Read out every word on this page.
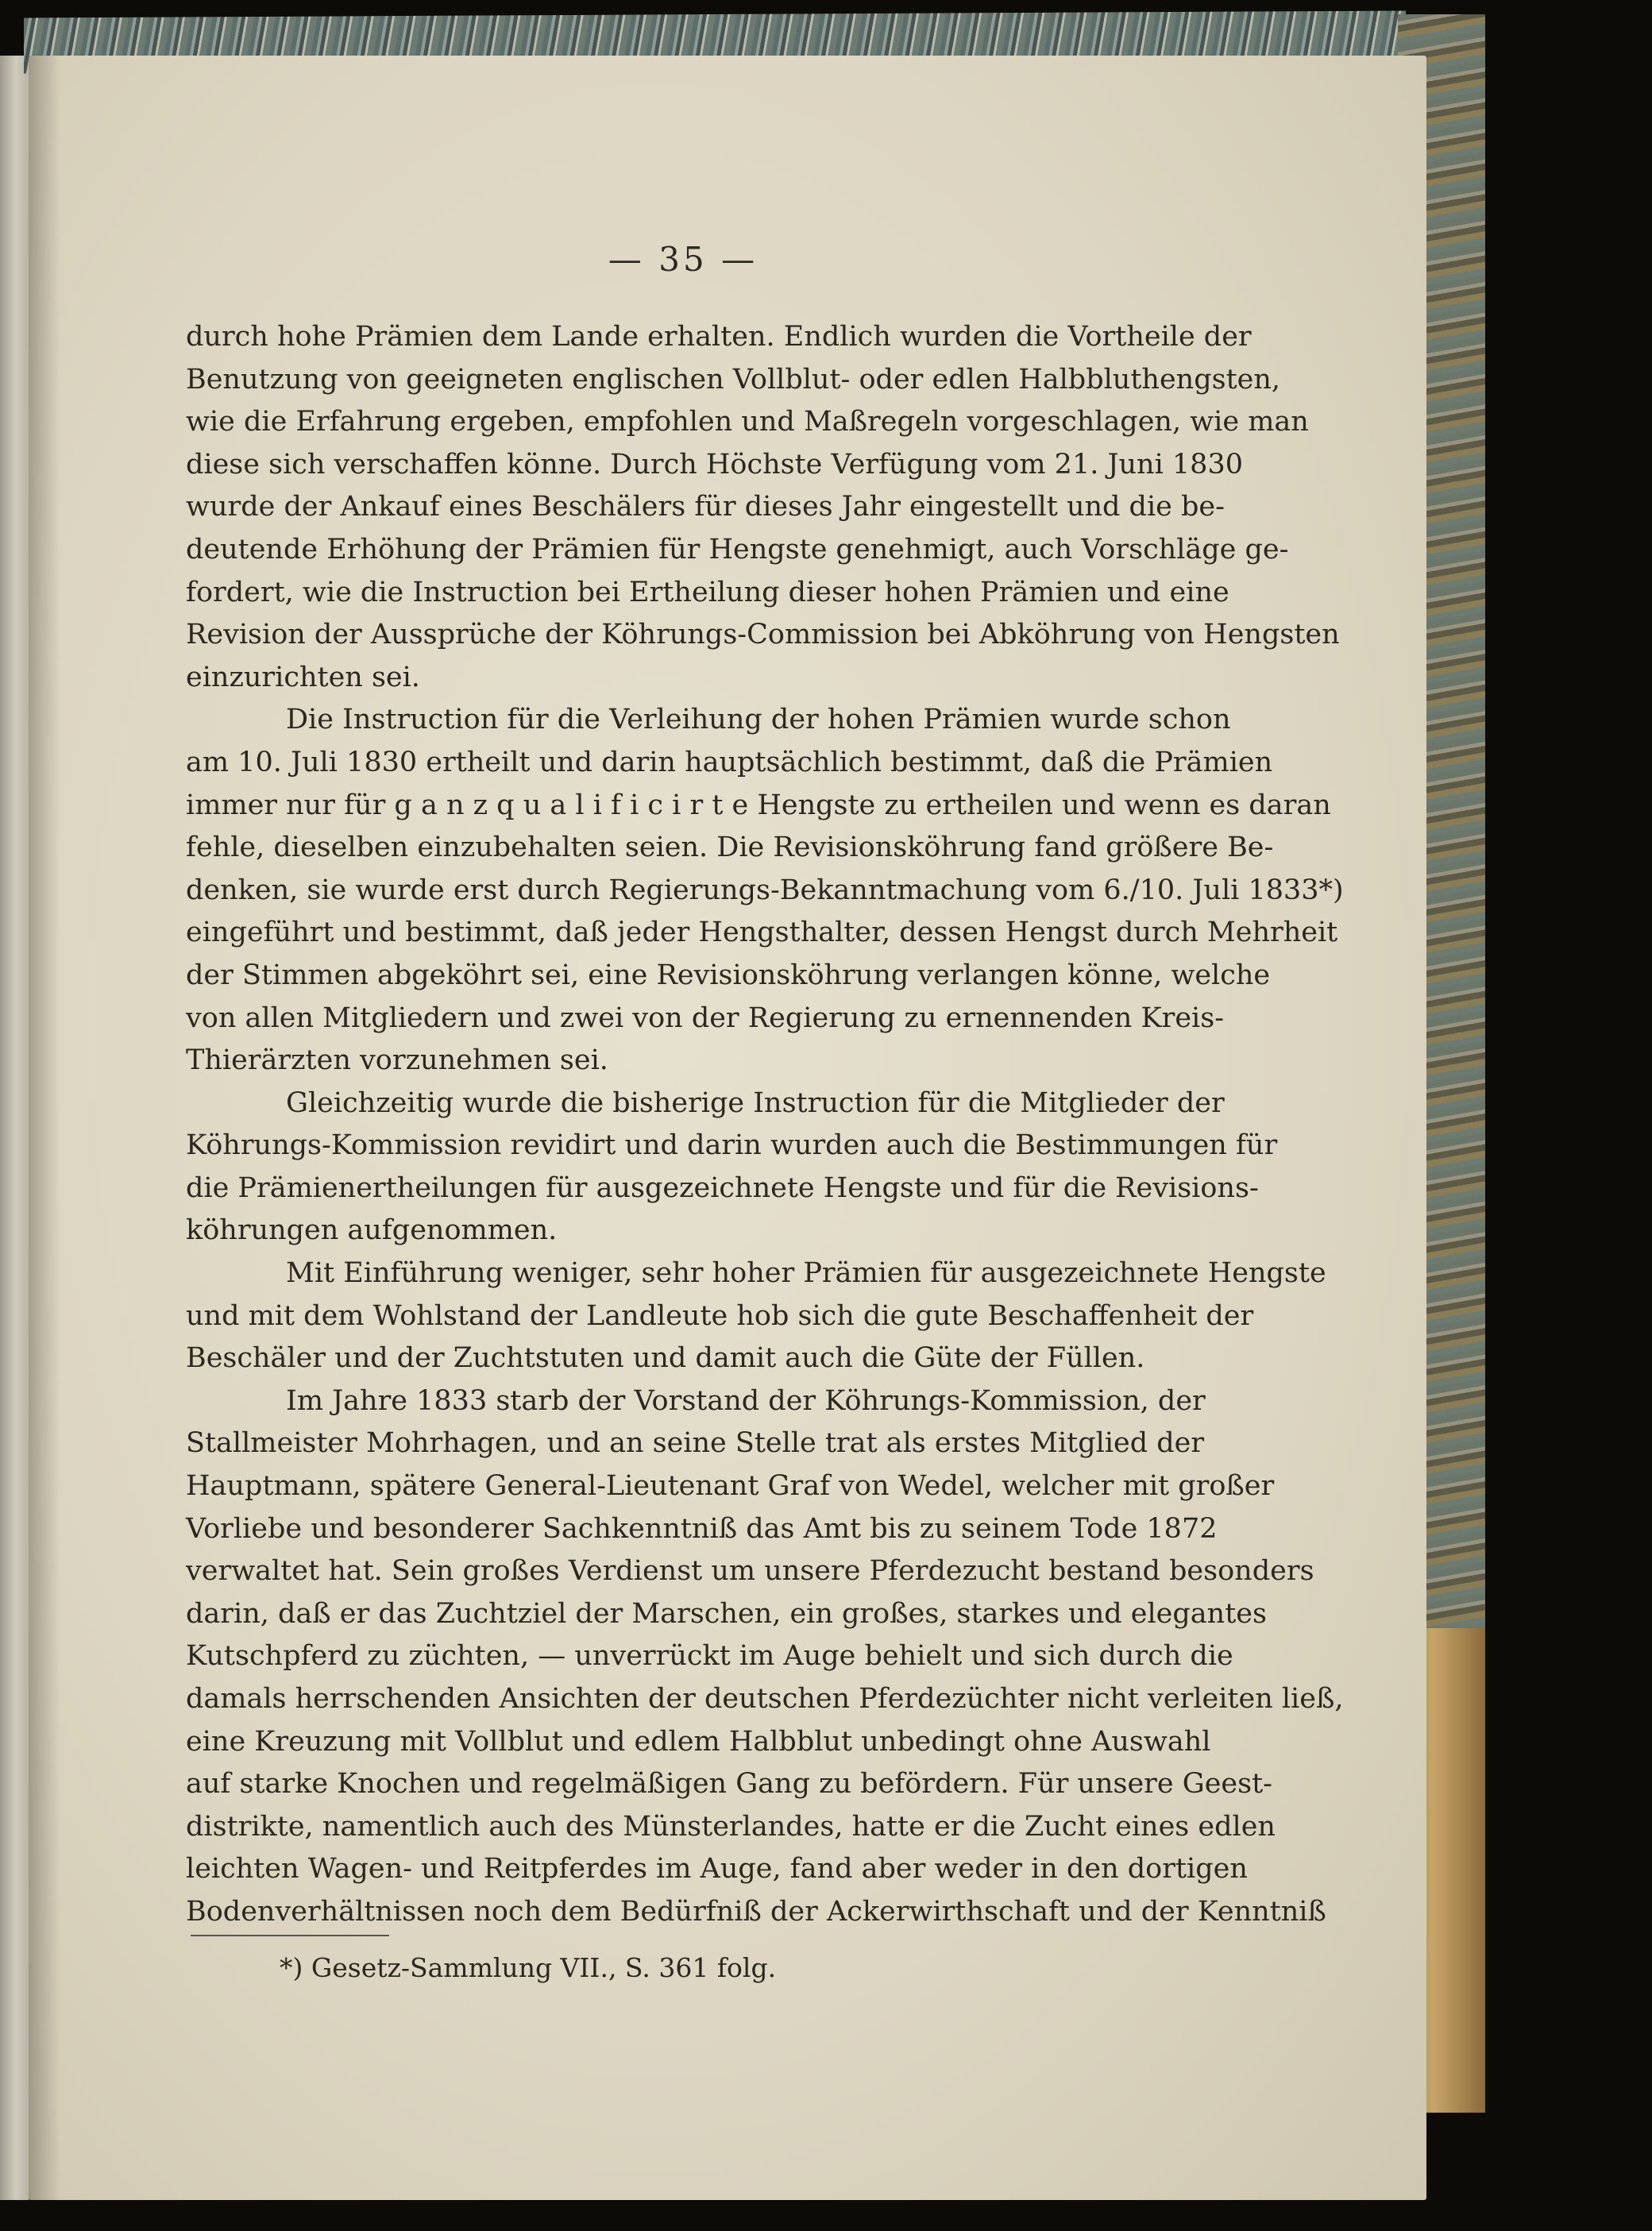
— 35 —

durch hohe Prämien dem Lande erhalten. Endlich wurden die Vortheile der
Benutzung von geeigneten englischen Vollblut- oder edlen Halbbluthengsten,
wie die Erfahrung ergeben, empfohlen und Maßregeln vorgeschlagen, wie man
diese sich verschaffen könne. Durch Höchste Verfügung vom 21. Juni 1830
wurde der Ankauf eines Beschälers für dieses Jahr eingestellt und die be-
deutende Erhöhung der Prämien für Hengste genehmigt, auch Vorschläge ge-
fordert, wie die Instruction bei Ertheilung dieser hohen Prämien und eine
Revision der Aussprüche der Köhrungs-Commission bei Abköhrung von Hengsten
einzurichten sei.
Die Instruction für die Verleihung der hohen Prämien wurde schon
am 10. Juli 1830 ertheilt und darin hauptsächlich bestimmt, daß die Prämien
immer nur für g a n z q u a l i f i c i r t e Hengste zu ertheilen und wenn es daran
fehle, dieselben einzubehalten seien. Die Revisionsköhrung fand größere Be-
denken, sie wurde erst durch Regierungs-Bekanntmachung vom 6./10. Juli 1833*)
eingeführt und bestimmt, daß jeder Hengsthalter, dessen Hengst durch Mehrheit
der Stimmen abgeköhrt sei, eine Revisionsköhrung verlangen könne, welche
von allen Mitgliedern und zwei von der Regierung zu ernennenden Kreis-
Thierärzten vorzunehmen sei.
Gleichzeitig wurde die bisherige Instruction für die Mitglieder der
Köhrungs-Kommission revidirt und darin wurden auch die Bestimmungen für
die Prämienertheilungen für ausgezeichnete Hengste und für die Revisions-
köhrungen aufgenommen.
Mit Einführung weniger, sehr hoher Prämien für ausgezeichnete Hengste
und mit dem Wohlstand der Landleute hob sich die gute Beschaffenheit der
Beschäler und der Zuchtstuten und damit auch die Güte der Füllen.
Im Jahre 1833 starb der Vorstand der Köhrungs-Kommission, der
Stallmeister Mohrhagen, und an seine Stelle trat als erstes Mitglied der
Hauptmann, spätere General-Lieutenant Graf von Wedel, welcher mit großer
Vorliebe und besonderer Sachkenntniß das Amt bis zu seinem Tode 1872
verwaltet hat. Sein großes Verdienst um unsere Pferdezucht bestand besonders
darin, daß er das Zuchtziel der Marschen, ein großes, starkes und elegantes
Kutschpferd zu züchten, — unverrückt im Auge behielt und sich durch die
damals herrschenden Ansichten der deutschen Pferdezüchter nicht verleiten ließ,
eine Kreuzung mit Vollblut und edlem Halbblut unbedingt ohne Auswahl
auf starke Knochen und regelmäßigen Gang zu befördern. Für unsere Geest-
distrikte, namentlich auch des Münsterlandes, hatte er die Zucht eines edlen
leichten Wagen- und Reitpferdes im Auge, fand aber weder in den dortigen
Bodenverhältnissen noch dem Bedürfniß der Ackerwirthschaft und der Kenntniß

*) Gesetz-Sammlung VII., S. 361 folg.
